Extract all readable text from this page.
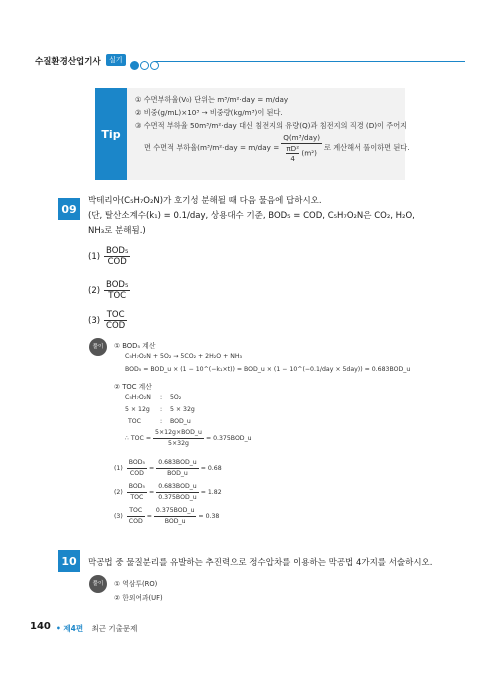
수질환경산업기사	실기
Tip
① 수면부하율(V₀) 단위는 m³/m²·day = m/day
② 비중(g/mL)×10³ → 비중량(kg/m³)이 된다.
③ 수면적 부하율 50m³/m²·day 대신 침전지의 유량(Q)과 침전지의 직경 (D)이 주어지
면 수면적 부하율($m^3/m^2\cdot day = m/day = \frac{\text{Q(m³/day)}}{\frac{\text{πD²}}{4} (m^2)}$ 로 계산해서 풀이하면 된다.
09
박테리아(C₅H₇O₂N)가 호기성 분해될 때 다음 물음에 답하시오.
(단, 탈산소계수(k₁) = 0.1/day, 상용대수 기준, BOD₅ = COD, C₅H₇O₂N은 CO₂, H₂O,
NH₃로 분해됨.)
$(1) \frac{\text{BOD₅}}{\text{COD}}$
$(2) \frac{\text{BOD₅}}{\text{TOC}}$
$(3) \frac{\text{TOC}}{\text{COD}}$
풀이	① BOD₅ 계산
C₅H₇O₂N + 5O₂ → 5CO₂ + 2H₂O + NH₃
BOD₅ = BOD_u × (1 − 10^(−k₁×t)) = BOD_u × (1 − 10^(−0.1/day × 5day)) = 0.683BOD_u
② TOC 계산
C₅H₇O₂N : 5O₂
5 × 12g : 5 × 32g
TOC	: BOD_u
∴ TOC = $\frac{\text{5×12g×BOD\_u}}{5\times 32g}$ = 0.375BOD_u
$(1) \frac{\text{BOD₅}}{\text{COD}} = \frac{\text{0.683BOD\_u}}{\text{BOD\_u}} = 0.68$
$(2) \frac{\text{BOD₅}}{\text{TOC}} = \frac{\text{0.683BOD\_u}}{\text{0.375BOD\_u}} = 1.82$
$(3) \frac{\text{TOC}}{\text{COD}} = \frac{\text{0.375BOD\_u}}{\text{BOD\_u}} = 0.38$
10	막공법 중 물질분리를 유발하는 추진력으로 정수압차를 이용하는 막공법 4가지를 서술하시오.
풀이	① 역삼투(RO)
② 한외여과(UF)
140 • 제4편 최근 기출문제
